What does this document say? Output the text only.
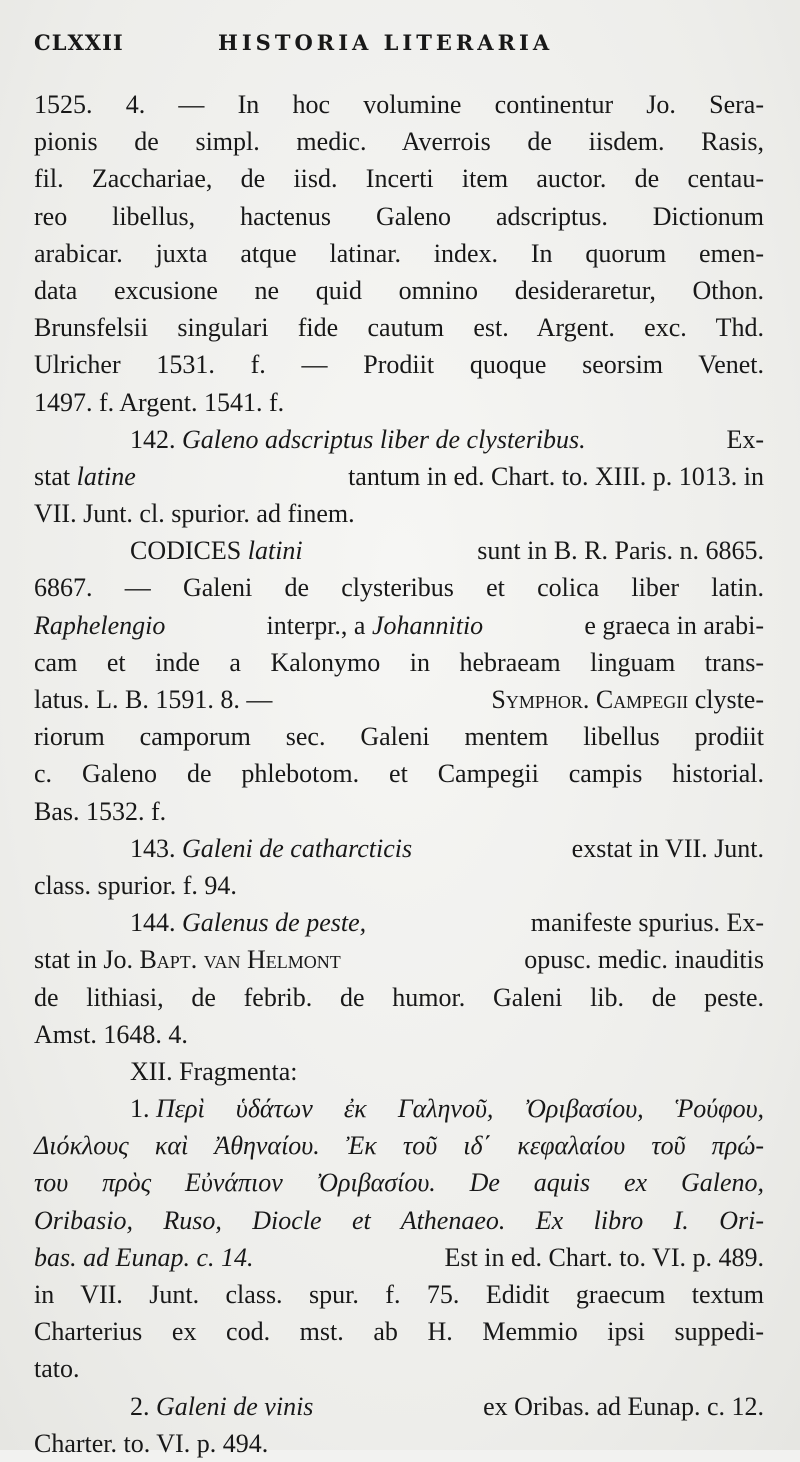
CLXXII	HISTORIA LITERARIA
1525. 4. — In hoc volumine continentur Jo. Sera-
pionis de simpl. medic. Averrois de iisdem. Rasis,
fil. Zacchariae, de iisd. Incerti item auctor. de centau-
reo libellus, hactenus Galeno adscriptus. Dictionum
arabicar. juxta atque latinar. index. In quorum emen-
data excusione ne quid omnino desideraretur, Othon.
Brunsfelsii singulari fide cautum est. Argent. exc. Thd.
Ulricher 1531. f. — Prodiit quoque seorsim Venet.
1497. f. Argent. 1541. f.
142.
Galeno adscriptus liber de clysteribus.	Ex-
stat
latine	tantum in ed. Chart. to. XIII. p. 1013. in
VII. Junt. cl. spurior. ad finem.
CODICES
latini	sunt in B. R. Paris. n. 6865.
6867. — Galeni de clysteribus et colica liber latin.
Raphelengio	interpr., a
Johannitio	e graeca in arabi-
cam et inde a Kalonymo in hebraeam linguam trans-
latus. L. B. 1591. 8. —	Symphor. Campegii
clyste-
riorum camporum sec. Galeni mentem libellus prodiit
c. Galeno de phlebotom. et Campegii campis historial.
Bas. 1532. f.
143.
Galeni de catharcticis	exstat in VII. Junt.
class. spurior. f. 94.
144.
Galenus de peste,	manifeste spurius. Ex-
stat in Jo.
Bapt. van Helmont	opusc. medic. inauditis
de lithiasi, de febrib. de humor. Galeni lib. de peste.
Amst. 1648. 4.
XII. Fragmenta:
1.
Περὶ ὑδάτων ἐκ Γαληνοῦ, Ὀριβασίου, Ῥούφου,
Διόκλους καὶ Ἀθηναίου. Ἐκ τοῦ ιδ΄ κεφαλαίου τοῦ πρώ-
του πρὸς Εὐνάπιον Ὀριβασίου. De aquis ex Galeno,
Oribasio, Ruso, Diocle et Athenaeo. Ex libro I. Ori-
bas. ad Eunap. c. 14.	Est in ed. Chart. to. VI. p. 489.
in VII. Junt. class. spur. f. 75. Edidit graecum textum
Charterius ex cod. mst. ab H. Memmio ipsi suppedi-
tato.
2.
Galeni de vinis	ex Oribas. ad Eunap. c. 12.
Charter. to. VI. p. 494.
